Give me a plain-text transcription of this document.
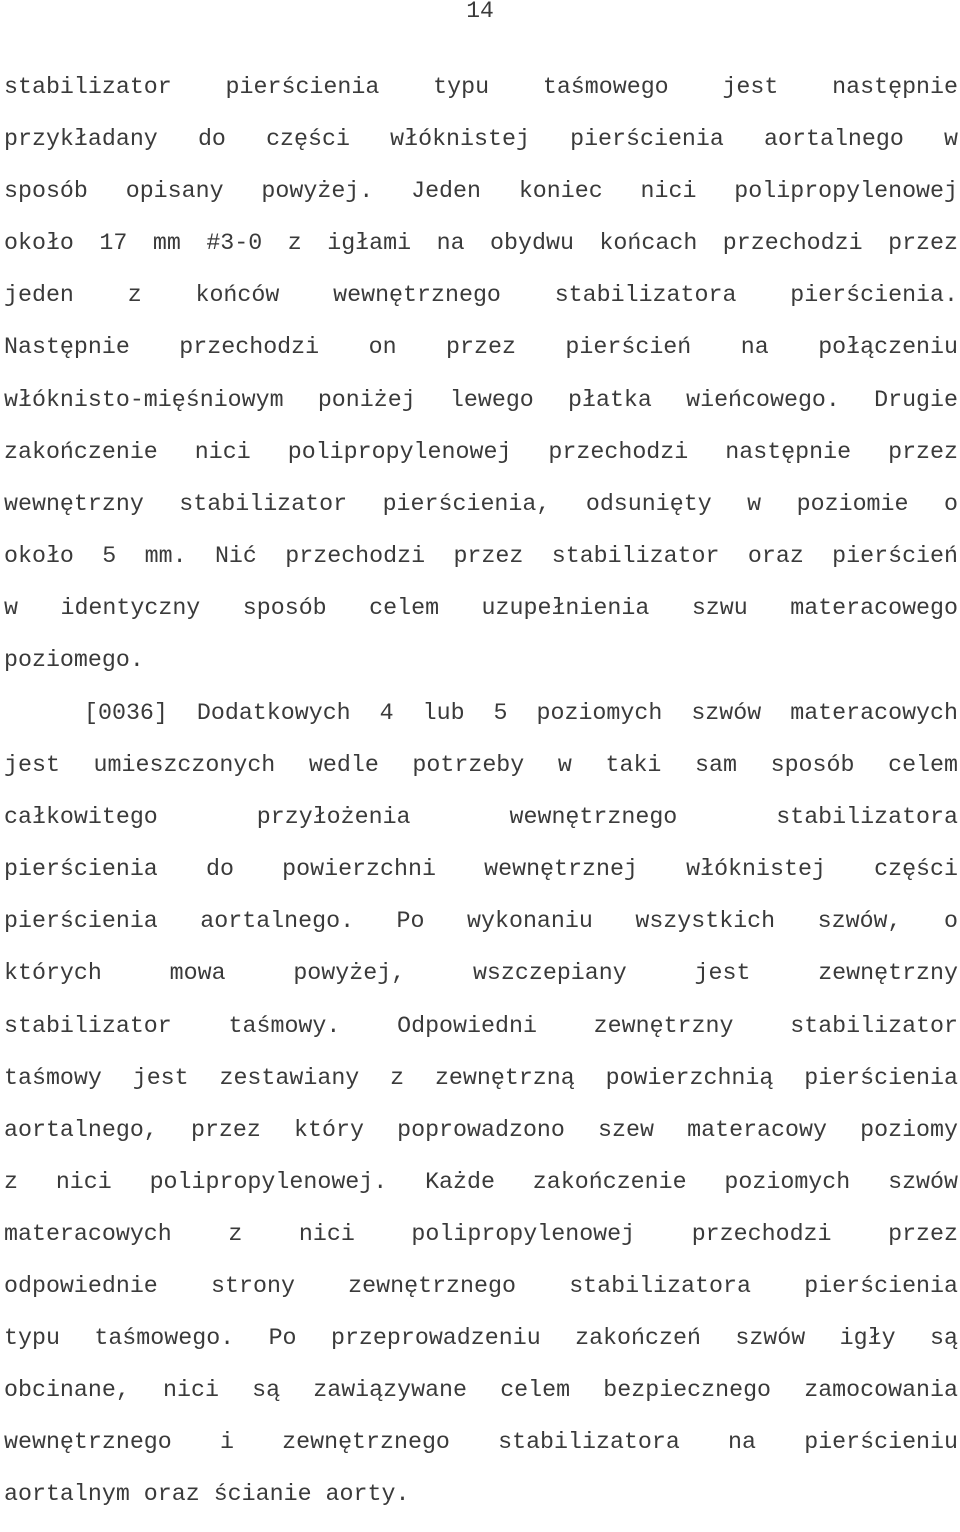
14
stabilizator pierścienia typu taśmowego jest następnie
przykładany do części włóknistej pierścienia aortalnego w
sposób opisany powyżej. Jeden koniec nici polipropylenowej
około 17 mm #3-0 z igłami na obydwu końcach przechodzi przez
jeden z końców wewnętrznego stabilizatora pierścienia.
Następnie przechodzi on przez pierścień na połączeniu
włóknisto-mięśniowym poniżej lewego płatka wieńcowego. Drugie
zakończenie nici polipropylenowej przechodzi następnie przez
wewnętrzny stabilizator pierścienia, odsunięty w poziomie o
około 5 mm. Nić przechodzi przez stabilizator oraz pierścień
w identyczny sposób celem uzupełnienia szwu materacowego
poziomego.
[0036] Dodatkowych 4 lub 5 poziomych szwów materacowych
jest umieszczonych wedle potrzeby w taki sam sposób celem
całkowitego przyłożenia wewnętrznego stabilizatora
pierścienia do powierzchni wewnętrznej włóknistej części
pierścienia aortalnego. Po wykonaniu wszystkich szwów, o
których mowa powyżej, wszczepiany jest zewnętrzny
stabilizator taśmowy. Odpowiedni zewnętrzny stabilizator
taśmowy jest zestawiany z zewnętrzną powierzchnią pierścienia
aortalnego, przez który poprowadzono szew materacowy poziomy
z nici polipropylenowej. Każde zakończenie poziomych szwów
materacowych z nici polipropylenowej przechodzi przez
odpowiednie strony zewnętrznego stabilizatora pierścienia
typu taśmowego. Po przeprowadzeniu zakończeń szwów igły są
obcinane, nici są zawiązywane celem bezpiecznego zamocowania
wewnętrznego i zewnętrznego stabilizatora na pierścieniu
aortalnym oraz ścianie aorty.
